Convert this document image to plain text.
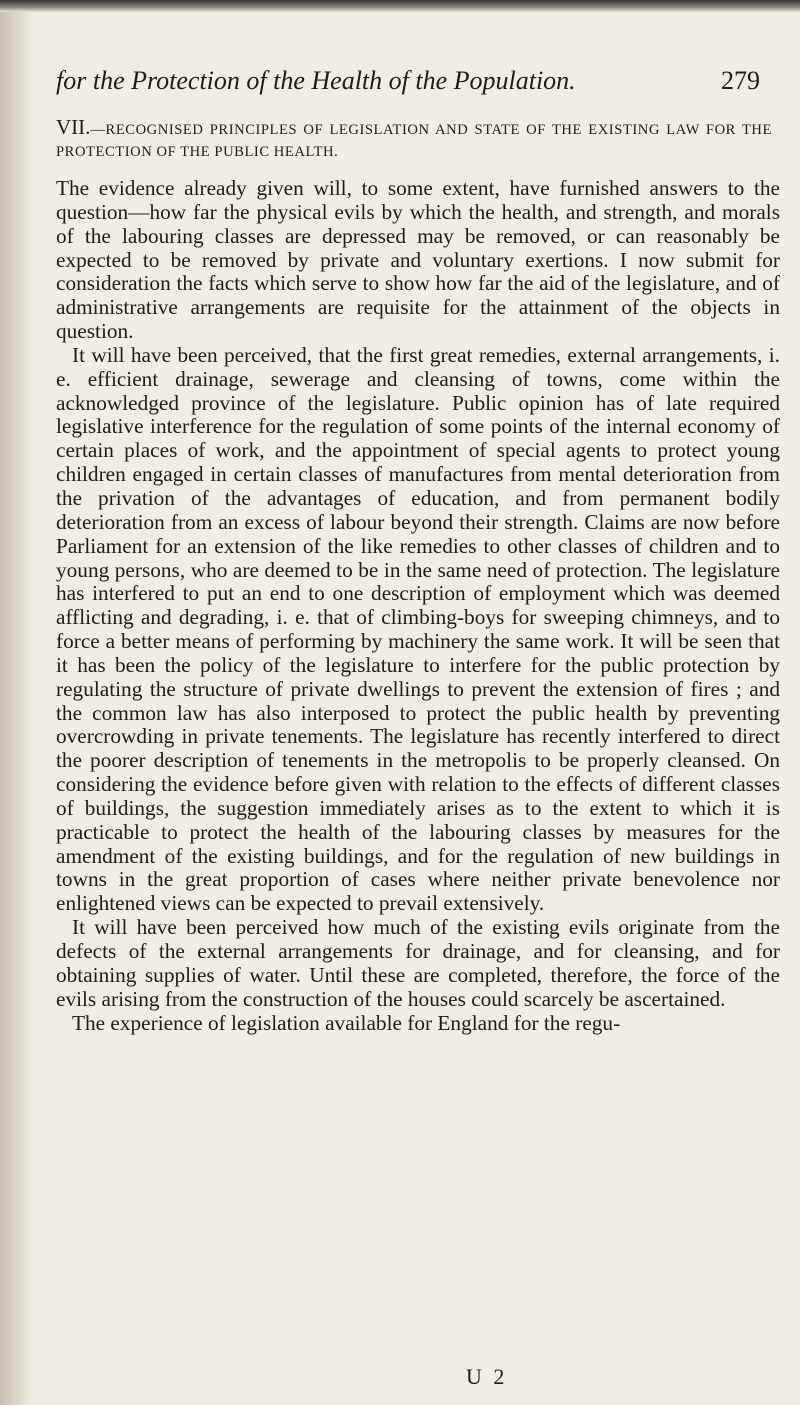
for the Protection of the Health of the Population.	279
VII.—RECOGNISED PRINCIPLES OF LEGISLATION AND STATE OF THE EXISTING LAW FOR THE PROTECTION OF THE PUBLIC HEALTH.

The evidence already given will, to some extent, have furnished answers to the question—how far the physical evils by which the health, and strength, and morals of the labouring classes are depressed may be removed, or can reasonably be expected to be removed by private and voluntary exertions. I now submit for consideration the facts which serve to show how far the aid of the legislature, and of administrative arrangements are requisite for the attainment of the objects in question.

It will have been perceived, that the first great remedies, external arrangements, i. e. efficient drainage, sewerage and cleansing of towns, come within the acknowledged province of the legislature. Public opinion has of late required legislative interference for the regulation of some points of the internal economy of certain places of work, and the appointment of special agents to protect young children engaged in certain classes of manufactures from mental deterioration from the privation of the advantages of education, and from permanent bodily deterioration from an excess of labour beyond their strength. Claims are now before Parliament for an extension of the like remedies to other classes of children and to young persons, who are deemed to be in the same need of protection. The legislature has interfered to put an end to one description of employment which was deemed afflicting and degrading, i. e. that of climbing-boys for sweeping chimneys, and to force a better means of performing by machinery the same work. It will be seen that it has been the policy of the legislature to interfere for the public protection by regulating the structure of private dwellings to prevent the extension of fires ; and the common law has also interposed to protect the public health by preventing overcrowding in private tenements. The legislature has recently interfered to direct the poorer description of tenements in the metropolis to be properly cleansed. On considering the evidence before given with relation to the effects of different classes of buildings, the suggestion immediately arises as to the extent to which it is practicable to protect the health of the labouring classes by measures for the amendment of the existing buildings, and for the regulation of new buildings in towns in the great proportion of cases where neither private benevolence nor enlightened views can be expected to prevail extensively.

It will have been perceived how much of the existing evils originate from the defects of the external arrangements for drainage, and for cleansing, and for obtaining supplies of water. Until these are completed, therefore, the force of the evils arising from the construction of the houses could scarcely be ascertained.

The experience of legislation available for England for the regu-

U 2
